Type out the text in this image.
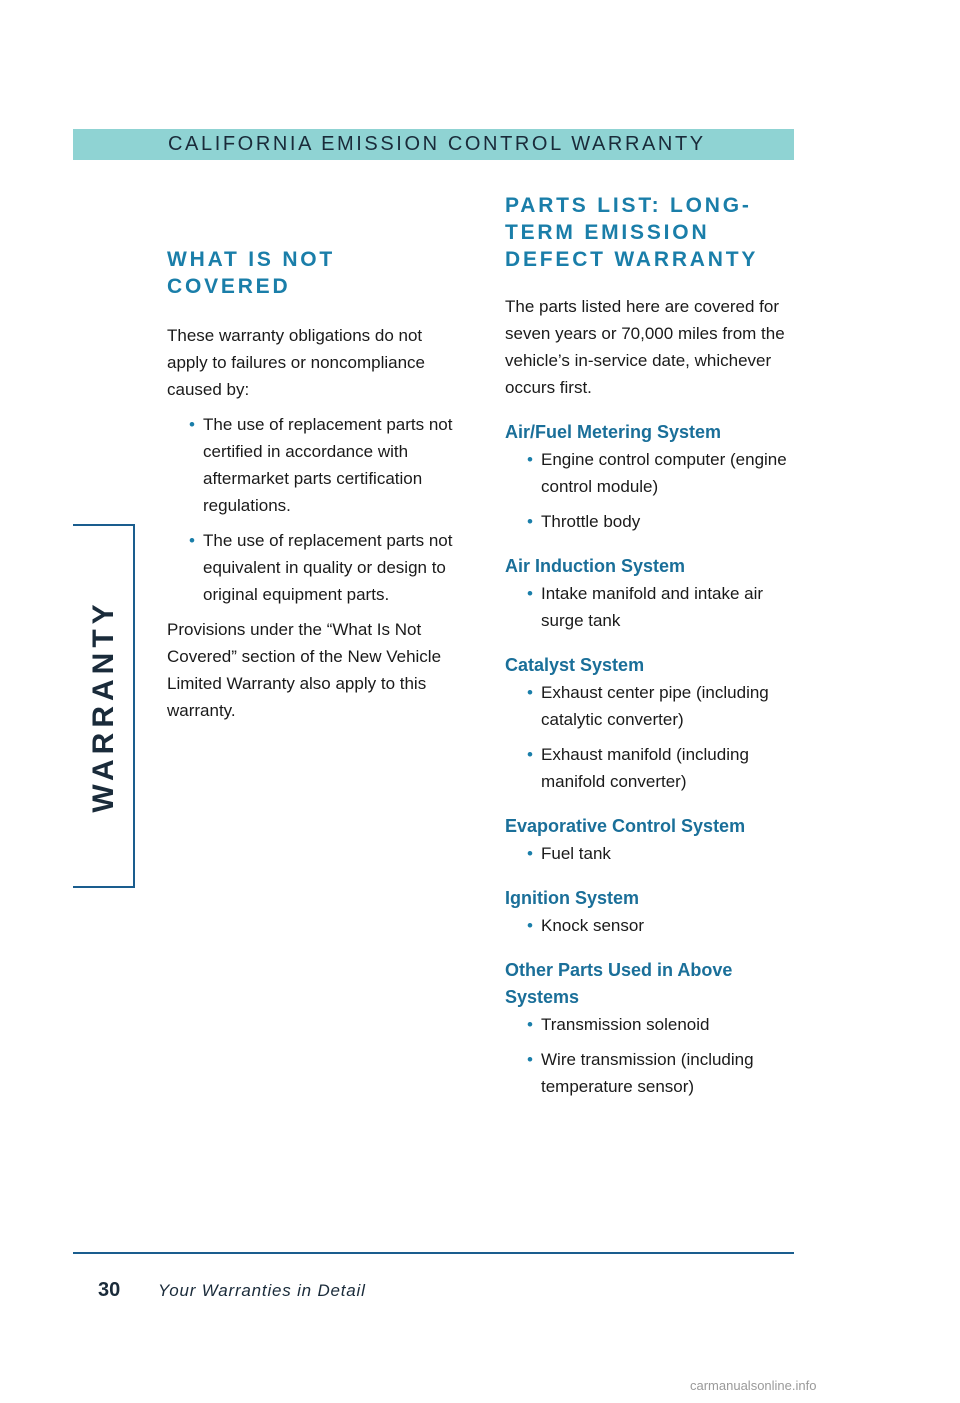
CALIFORNIA EMISSION CONTROL WARRANTY
WARRANTY
WHAT IS NOT COVERED

These warranty obligations do not apply to failures or noncompliance caused by:

• The use of replacement parts not certified in accordance with aftermarket parts certification regulations.
• The use of replacement parts not equivalent in quality or design to original equipment parts.

Provisions under the “What Is Not Covered” section of the New Vehicle Limited Warranty also apply to this warranty.

PARTS LIST: LONG-TERM EMISSION DEFECT WARRANTY

The parts listed here are covered for seven years or 70,000 miles from the vehicle’s in-service date, whichever occurs first.

Air/Fuel Metering System
• Engine control computer (engine control module)
• Throttle body
Air Induction System
• Intake manifold and intake air surge tank
Catalyst System
• Exhaust center pipe (including catalytic converter)
• Exhaust manifold (including manifold converter)
Evaporative Control System
• Fuel tank
Ignition System
• Knock sensor
Other Parts Used in Above Systems
• Transmission solenoid
• Wire transmission (including temperature sensor)
30 Your Warranties in Detail
carmanualsonline.info
